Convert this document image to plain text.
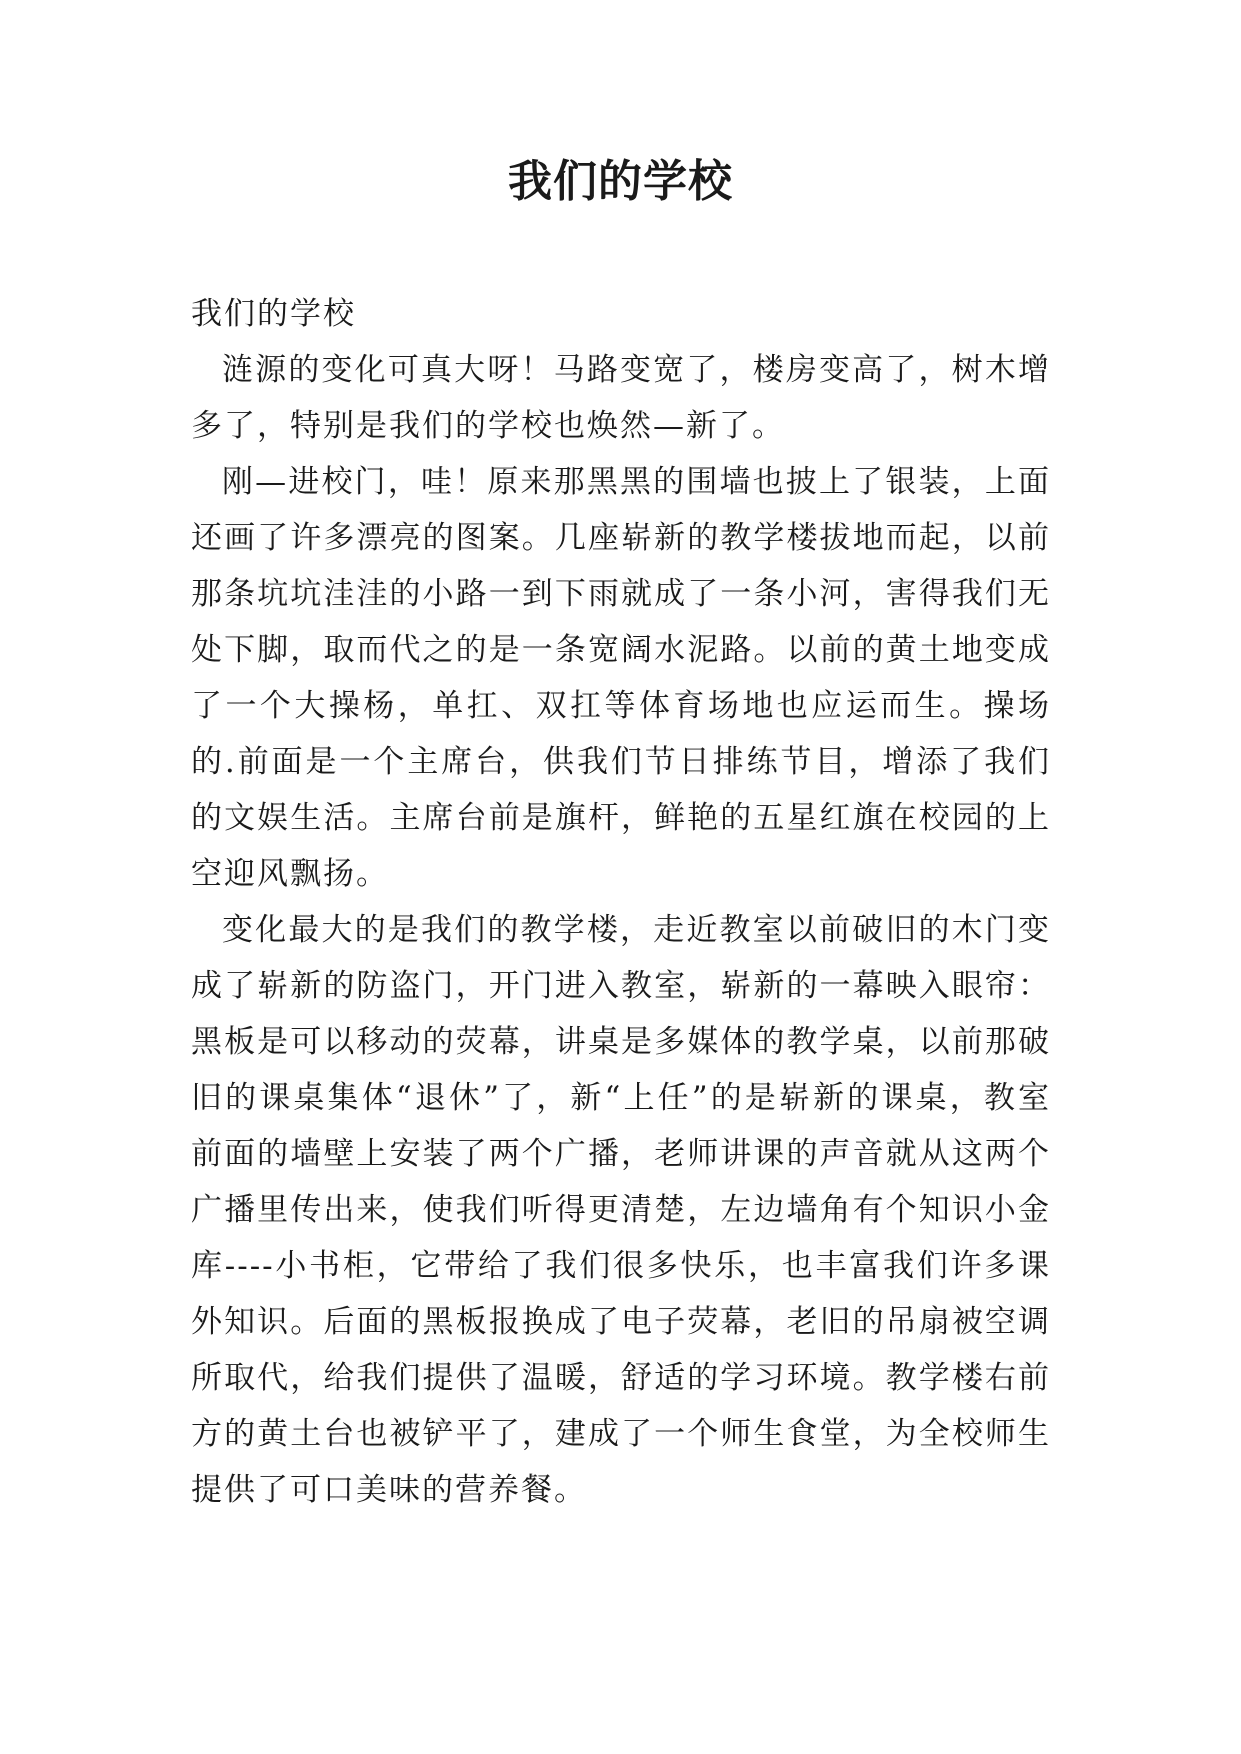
我们的学校

我们的学校

涟源的变化可真大呀！马路变宽了，楼房变高了，树木增多了，特别是我们的学校也焕然—新了。

刚—进校门，哇！原来那黑黑的围墙也披上了银装，上面还画了许多漂亮的图案。几座崭新的教学楼拔地而起，以前那条坑坑洼洼的小路一到下雨就成了一条小河，害得我们无处下脚，取而代之的是一条宽阔水泥路。以前的黄土地变成了一个大操杨，单扛、双扛等体育场地也应运而生。操场的.前面是一个主席台，供我们节日排练节目，增添了我们的文娱生活。主席台前是旗杆，鲜艳的五星红旗在校园的上空迎风飘扬。

变化最大的是我们的教学楼，走近教室以前破旧的木门变成了崭新的防盗门，开门进入教室，崭新的一幕映入眼帘：黑板是可以移动的荧幕，讲桌是多媒体的教学桌，以前那破旧的课桌集体“退休”了，新“上任”的是崭新的课桌，教室前面的墙壁上安装了两个广播，老师讲课的声音就从这两个广播里传出来，使我们听得更清楚，左边墙角有个知识小金库----小书柜，它带给了我们很多快乐，也丰富我们许多课外知识。后面的黑板报换成了电子荧幕，老旧的吊扇被空调所取代，给我们提供了温暖，舒适的学习环境。教学楼右前方的黄土台也被铲平了，建成了一个师生食堂，为全校师生提供了可口美味的营养餐。
